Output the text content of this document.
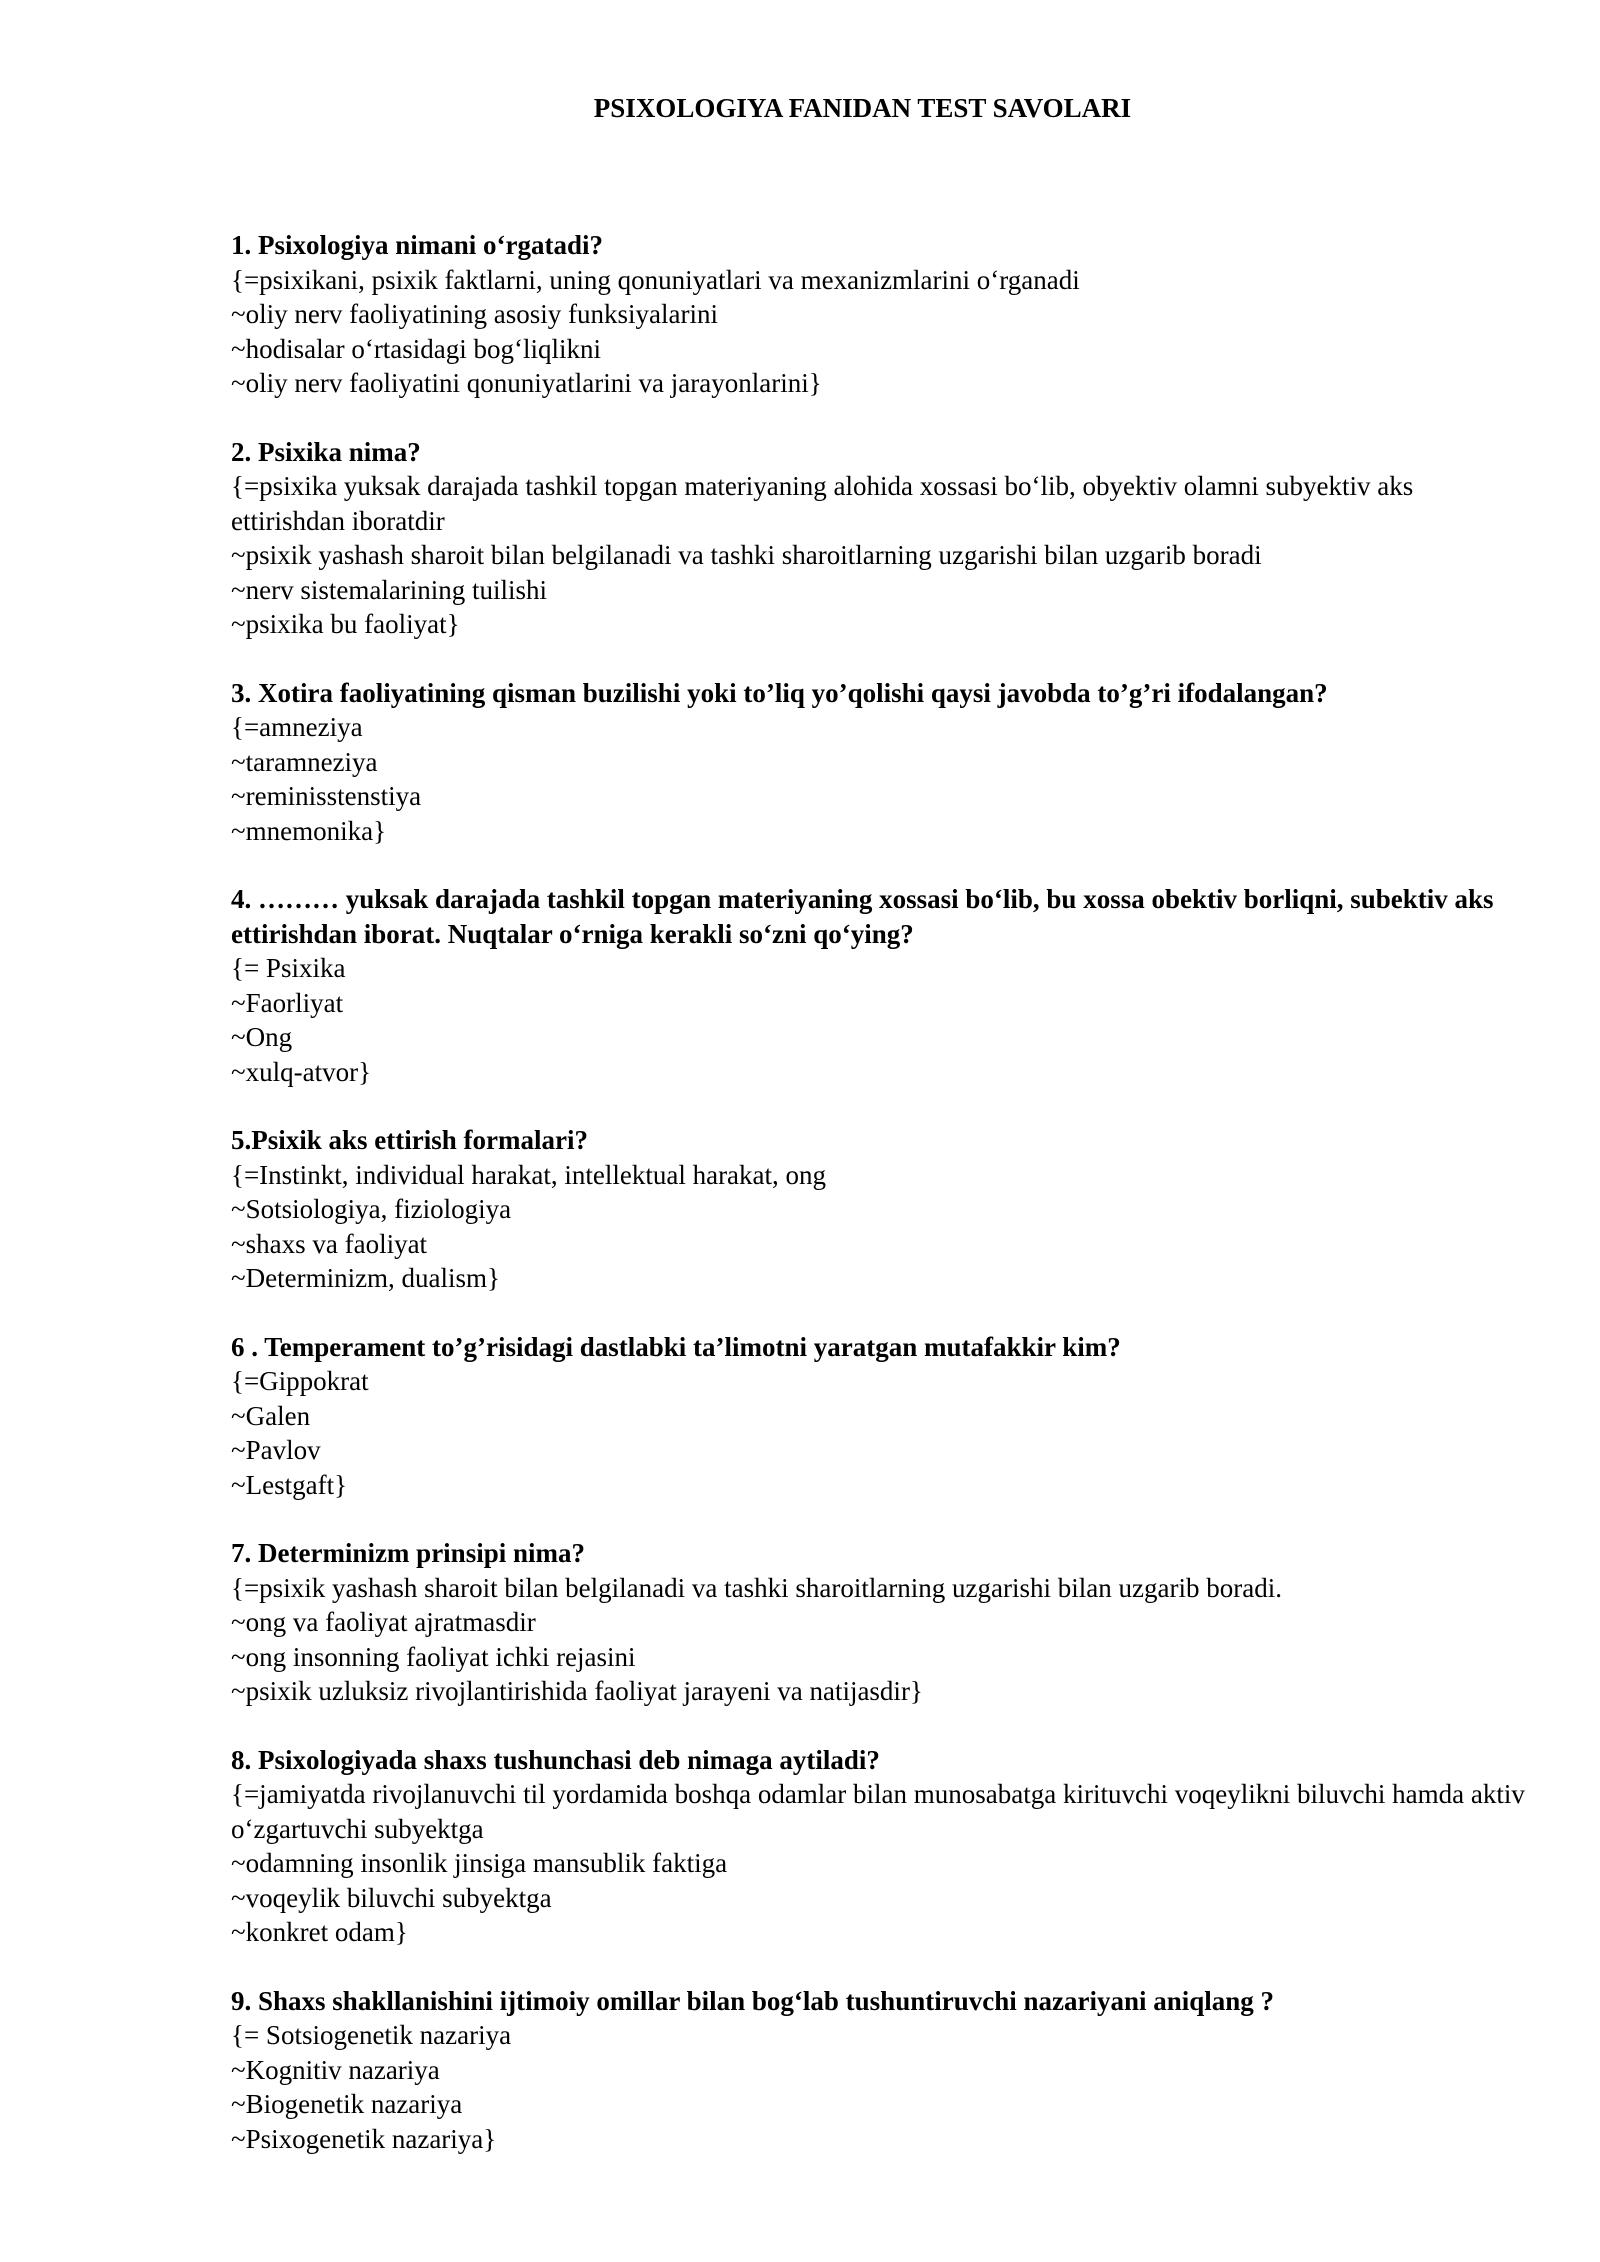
PSIXOLOGIYA FANIDAN TEST SAVOLARI
1. Psixologiya nimani o‘rgatadi?
{=psixikani, psixik faktlarni, uning qonuniyatlari va mexanizmlarini o‘rganadi
~oliy nerv faoliyatining asosiy funksiyalarini
~hodisalar o‘rtasidagi bog‘liqlikni
~oliy nerv faoliyatini qonuniyatlarini va jarayonlarini}
2. Psixika nima?
{=psixika yuksak darajada tashkil topgan materiyaning alohida xossasi bo‘lib, obyektiv olamni subyektiv aks ettirishdan iboratdir
~psixik yashash sharoit bilan belgilanadi va tashki sharoitlarning uzgarishi bilan uzgarib boradi
~nerv sistemalarining tuilishi
~psixika bu faoliyat}
3. Xotira faoliyatining qisman buzilishi yoki to’liq yo’qolishi qaysi javobda to’g’ri ifodalangan?
{=amneziya
~taramneziya
~reminisstenstiya
~mnemonika}
4. ……… yuksak darajada tashkil topgan materiyaning xossasi bo‘lib, bu xossa obektiv borliqni, subektiv aks ettirishdan iborat. Nuqtalar o‘rniga kerakli so‘zni qo‘ying?
{= Psixika
~Faorliyat
~Ong
~xulq-atvor}
5.Psixik aks ettirish formalari?
{=Instinkt, individual harakat, intellektual harakat, ong
~Sotsiologiya, fiziologiya
~shaxs va faoliyat
~Determinizm, dualism}
6 . Temperament to’g’risidagi dastlabki ta’limotni yaratgan mutafakkir kim?
{=Gippokrat
~Galen
~Pavlov
~Lestgaft}
7. Determinizm prinsipi nima?
{=psixik yashash sharoit bilan belgilanadi va tashki sharoitlarning uzgarishi bilan uzgarib boradi.
~ong va faoliyat ajratmasdir
~ong insonning faoliyat ichki rejasini
~psixik uzluksiz rivojlantirishida faoliyat jarayeni va natijasdir}
8. Psixologiyada shaxs tushunchasi deb nimaga aytiladi?
{=jamiyatda rivojlanuvchi til yordamida boshqa odamlar bilan munosabatga kirituvchi voqeylikni biluvchi hamda aktiv o‘zgartuvchi subyektga
~odamning insonlik jinsiga mansublik faktiga
~voqeylik biluvchi subyektga
~konkret odam}
9. Shaxs shakllanishini ijtimoiy omillar bilan bog‘lab tushuntiruvchi nazariyani aniqlang ?
{= Sotsiogenetik nazariya
~Kognitiv nazariya
~Biogenetik nazariya
~Psixogenetik nazariya}
